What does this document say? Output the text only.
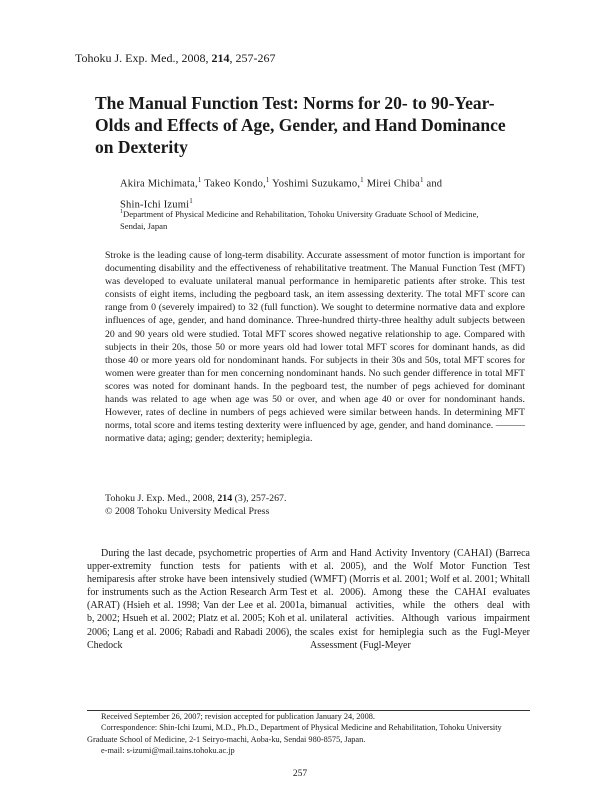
Tohoku J. Exp. Med., 2008, 214, 257-267
The Manual Function Test: Norms for 20- to 90-Year-Olds and Effects of Age, Gender, and Hand Dominance on Dexterity
Akira Michimata,$^1$ Takeo Kondo,$^1$ Yoshimi Suzukamo,$^1$ Mirei Chiba$^1$ and
Shin-Ichi Izumi$^1$
$^1$Department of Physical Medicine and Rehabilitation, Tohoku University Graduate School of Medicine, Sendai, Japan

Stroke is the leading cause of long-term disability. Accurate assessment of motor function is important for documenting disability and the effectiveness of rehabilitative treatment. The Manual Function Test (MFT) was developed to evaluate unilateral manual performance in hemiparetic patients after stroke. This test consists of eight items, including the pegboard task, an item assessing dexterity. The total MFT score can range from 0 (severely impaired) to 32 (full function). We sought to determine normative data and explore influences of age, gender, and hand dominance. Three-hundred thirty-three healthy adult subjects between 20 and 90 years old were studied. Total MFT scores showed negative relationship to age. Compared with subjects in their 20s, those 50 or more years old had lower total MFT scores for dominant hands, as did those 40 or more years old for nondominant hands. For subjects in their 30s and 50s, total MFT scores for women were greater than for men concerning nondominant hands. No such gender difference in total MFT scores was noted for dominant hands. In the pegboard test, the number of pegs achieved for dominant hands was related to age when age was 50 or over, and when age 40 or over for nondominant hands. However, rates of decline in numbers of pegs achieved were similar between hands. In determining MFT norms, total score and items testing dexterity were influenced by age, gender, and hand dominance. ——— normative data; aging; gender; dexterity; hemiplegia.

Tohoku J. Exp. Med., 2008, 214 (3), 257-267.
© 2008 Tohoku University Medical Press

During the last decade, psychometric properties of upper-extremity function tests for patients with hemiparesis after stroke have been intensively studied for instruments such as the Action Research Arm Test (ARAT) (Hsieh et al. 1998; Van der Lee et al. 2001a, b, 2002; Hsueh et al. 2002; Platz et al. 2005; Koh et al. 2006; Lang et al. 2006; Rabadi and Rabadi 2006), the Chedock

Arm and Hand Activity Inventory (CAHAI) (Barreca et al. 2005), and the Wolf Motor Function Test (WMFT) (Morris et al. 2001; Wolf et al. 2001; Whitall et al. 2006). Among these the CAHAI evaluates bimanual activities, while the others deal with unilateral activities. Although various impairment scales exist for hemiplegia such as the Fugl-Meyer Assessment (Fugl-Meyer

Received September 26, 2007; revision accepted for publication January 24, 2008.

Correspondence: Shin-Ichi Izumi, M.D., Ph.D., Department of Physical Medicine and Rehabilitation, Tohoku University Graduate School of Medicine, 2-1 Seiryo-machi, Aoba-ku, Sendai 980-8575, Japan.

e-mail: s-izumi@mail.tains.tohoku.ac.jp

257
